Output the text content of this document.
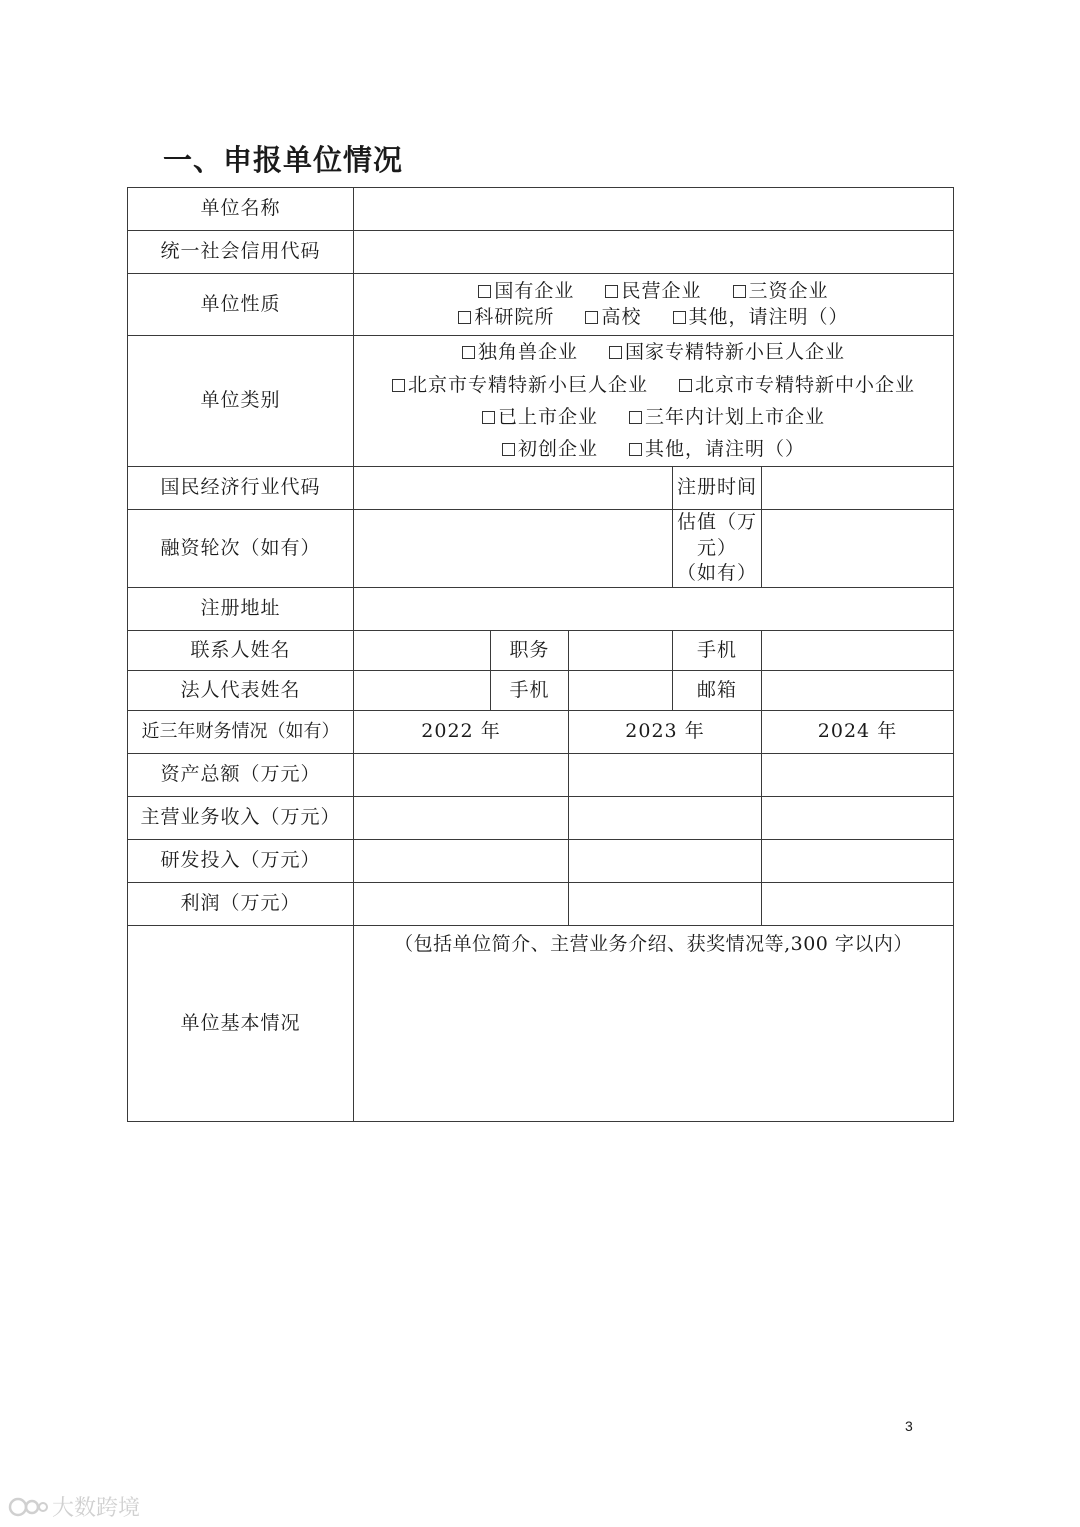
一、申报单位情况
单位名称					
统一社会信用代码					
单位性质	国有企业 民营企业 三资企业
科研院所 高校 其他，请注明（）				

单位类别	独角兽企业 国家专精特新小巨人企业
北京市专精特新小巨人企业 北京市专精特新中小企业
已上市企业 三年内计划上市企业
初创企业 其他，请注明（）				

国民经济行业代码				注册时间	
融资轮次（如有）				估值（万元）
（如有）	

注册地址					
联系人姓名		职务		手机	
法人代表姓名		手机		邮箱	
近三年财务情况（如有）	2022 年		2023 年		2024 年
资产总额（万元）					
主营业务收入（万元）					
研发投入（万元）					
利润（万元）					
单位基本情况	（包括单位简介、主营业务介绍、获奖情况等,300 字以内）				
3
大数跨境
